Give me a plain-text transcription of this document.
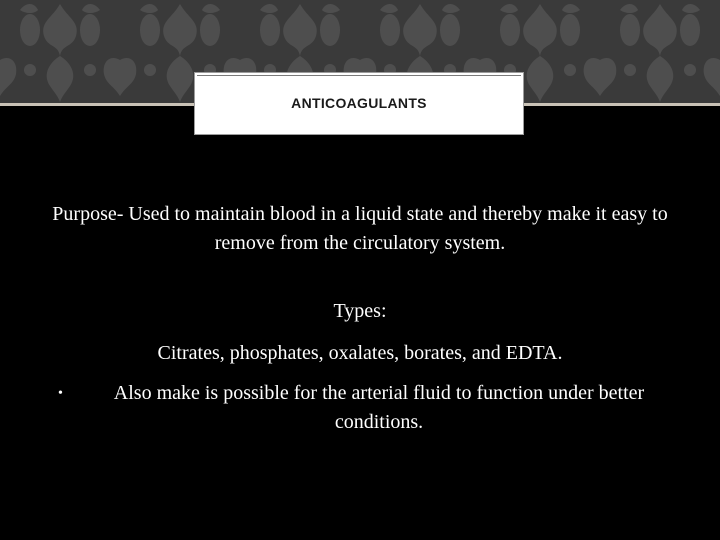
ANTICOAGULANTS

Purpose- Used to maintain blood in a liquid state and thereby make it easy to remove from the circulatory system.

Types:

Citrates, phosphates, oxalates, borates, and EDTA.

•	Also make is possible for the arterial fluid to function under better conditions.
